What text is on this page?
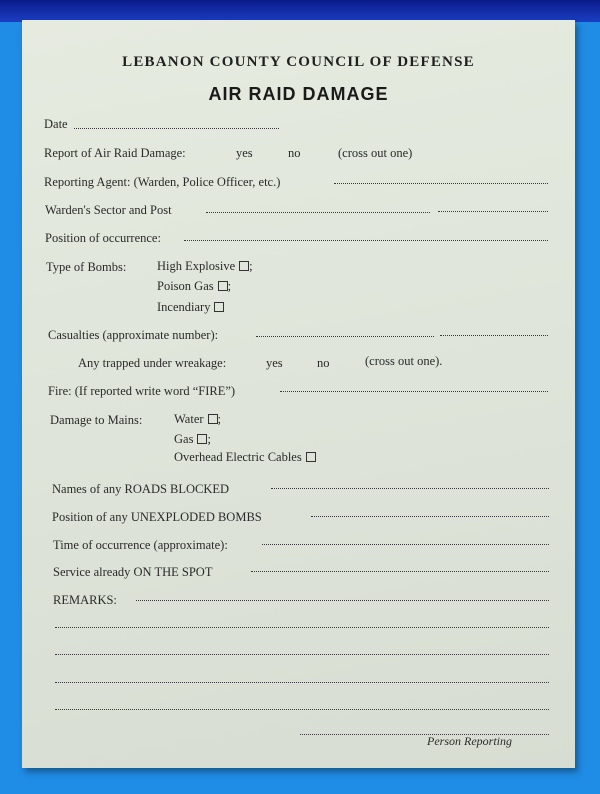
LEBANON COUNTY COUNCIL OF DEFENSE
AIR RAID DAMAGE
Date
Report of Air Raid Damage:	yes	no	(cross out one)
Reporting Agent: (Warden, Police Officer, etc.)
Warden's Sector and Post
Position of occurrence:
Type of Bombs: High Explosive ;
Poison Gas ;
Incendiary
Casualties (approximate number):
Any trapped under wreakage:	yes	no	(cross out one).
Fire: (If reported write word “FIRE”)
Damage to Mains:	Water ;
Gas ;
Overhead Electric Cables
Names of any ROADS BLOCKED
Position of any UNEXPLODED BOMBS
Time of occurrence (approximate):
Service already ON THE SPOT
REMARKS:
Person Reporting
